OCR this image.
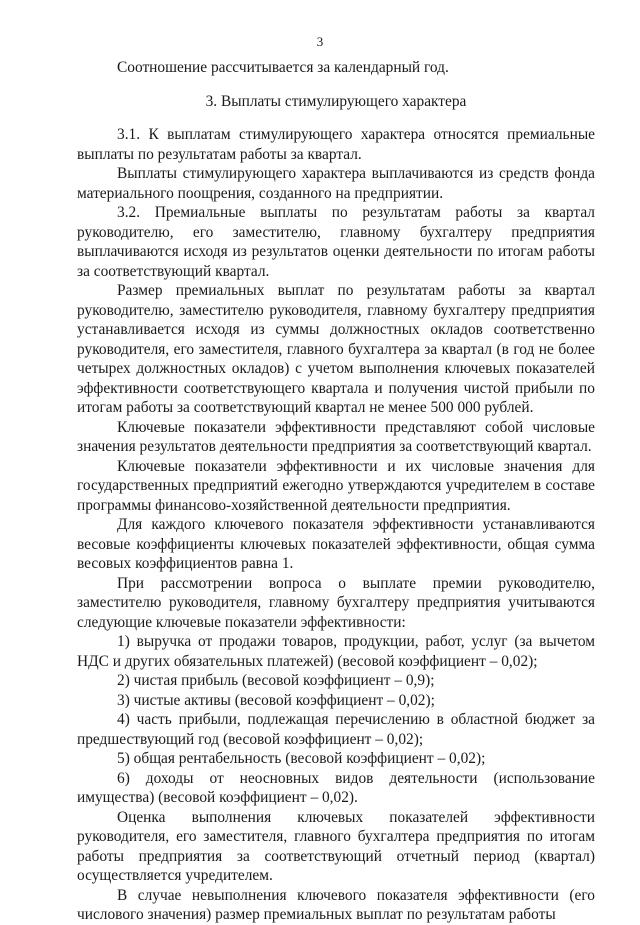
3

Соотношение рассчитывается за календарный год.

3. Выплаты стимулирующего характера

3.1. К выплатам стимулирующего характера относятся премиальные выплаты по результатам работы за квартал.

Выплаты стимулирующего характера выплачиваются из средств фонда материального поощрения, созданного на предприятии.

3.2. Премиальные выплаты по результатам работы за квартал руководителю, его заместителю, главному бухгалтеру предприятия выплачиваются исходя из результатов оценки деятельности по итогам работы за соответствующий квартал.

Размер премиальных выплат по результатам работы за квартал руководителю, заместителю руководителя, главному бухгалтеру предприятия устанавливается исходя из суммы должностных окладов соответственно руководителя, его заместителя, главного бухгалтера за квартал (в год не более четырех должностных окладов) с учетом выполнения ключевых показателей эффективности соответствующего квартала и получения чистой прибыли по итогам работы за соответствующий квартал не менее 500 000 рублей.

Ключевые показатели эффективности представляют собой числовые значения результатов деятельности предприятия за соответствующий квартал.

Ключевые показатели эффективности и их числовые значения для государственных предприятий ежегодно утверждаются учредителем в составе программы финансово-хозяйственной деятельности предприятия.

Для каждого ключевого показателя эффективности устанавливаются весовые коэффициенты ключевых показателей эффективности, общая сумма весовых коэффициентов равна 1.

При рассмотрении вопроса о выплате премии руководителю, заместителю руководителя, главному бухгалтеру предприятия учитываются следующие ключевые показатели эффективности:

1) выручка от продажи товаров, продукции, работ, услуг (за вычетом НДС и других обязательных платежей) (весовой коэффициент – 0,02);

2) чистая прибыль (весовой коэффициент – 0,9);

3) чистые активы (весовой коэффициент – 0,02);

4) часть прибыли, подлежащая перечислению в областной бюджет за предшествующий год (весовой коэффициент – 0,02);

5) общая рентабельность (весовой коэффициент – 0,02);

6) доходы от неосновных видов деятельности (использование имущества) (весовой коэффициент – 0,02).

Оценка выполнения ключевых показателей эффективности руководителя, его заместителя, главного бухгалтера предприятия по итогам работы предприятия за соответствующий отчетный период (квартал) осуществляется учредителем.

В случае невыполнения ключевого показателя эффективности (его числового значения) размер премиальных выплат по результатам работы
